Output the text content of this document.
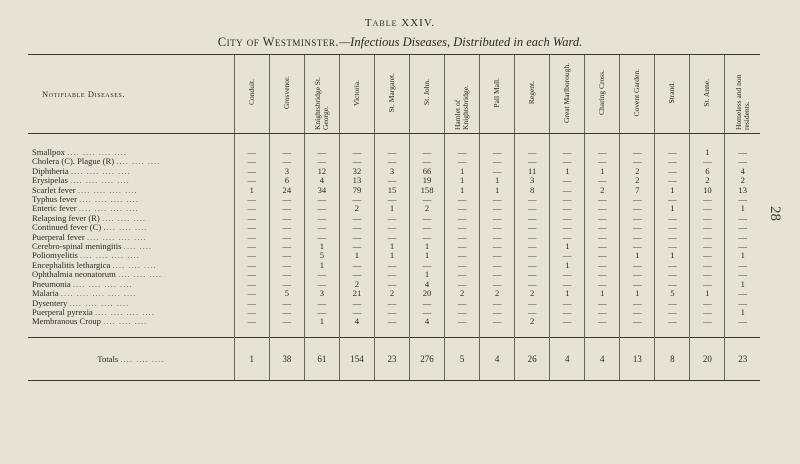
28
Table XXIV.
City of Westminster.—Infectious Diseases, Distributed in each Ward.
Notifiable Diseases.	Conduit.	Grosvenor.	Knightsbridge St. George.	Victoria.	St. Margaret.	St. John.	Hamlet of Knightsbridge.	Pall Mall.	Regent.	Great Marlborough.	Charing Cross.	Covent Garden.	Strand.	St. Anne.	Homeless and non residents.
Smallpox .... .... .... ....	—	—	—	—	—	—	—	—	—	—	—	—	—	1	—
Cholera (C). Plague (R) .... .... ....	—	—	—	—	—	—	—	—	—	—	—	—	—	—	—
Diphtheria .... .... .... ....	—	3	12	32	3	66	1	—	11	1	1	2	—	6	4
Erysipelas .... .... .... ....	—	6	4	13	—	19	1	1	3	—	—	2	—	2	2
Scarlet fever .... .... .... ....	1	24	34	79	15	158	1	1	8	—	2	7	1	10	13
Typhus fever .... .... .... ....	—	—	—	—	—	—	—	—	—	—	—	—	—	—	—
Enteric fever .... .... .... ....	—	—	—	2	1	2	—	—	—	—	—	—	1	—	1
Relapsing fever (R) .... .... ....	—	—	—	—	—	—	—	—	—	—	—	—	—	—	—
Continued fever (C) .... .... ....	—	—	—	—	—	—	—	—	—	—	—	—	—	—	—
Puerperal fever .... .... .... ....	—	—	—	—	—	—	—	—	—	—	—	—	—	—	—
Cerebro-spinal meningitis .... ....	—	—	1	—	1	1	—	—	—	1	—	—	—	—	—
Poliomyelitis .... .... .... ....	—	—	5	1	1	1	—	—	—	—	—	1	1	—	1
Encephalitis lethargica .... .... ....	—	—	1	—	—	—	—	—	—	1	—	—	—	—	—
Ophthalmia neonatorum .... .... ....	—	—	—	—	—	1	—	—	—	—	—	—	—	—	—
Pneumonia .... .... .... ....	—	—	—	2	—	4	—	—	—	—	—	—	—	—	1
Malaria .... .... .... .... ....	—	5	3	21	2	20	2	2	2	1	1	1	5	1	—
Dysentery .... .... .... ....	—	—	—	—	—	—	—	—	—	—	—	—	—	—	—
Puerperal pyrexia .... .... .... ....	—	—	—	—	—	—	—	—	—	—	—	—	—	—	1
Membranous Croup .... .... ....	—	—	1	4	—	4	—	—	2	—	—	—	—	—	—
Totals .... .... ....	1	38	61	154	23	276	5	4	26	4	4	13	8	20	23
